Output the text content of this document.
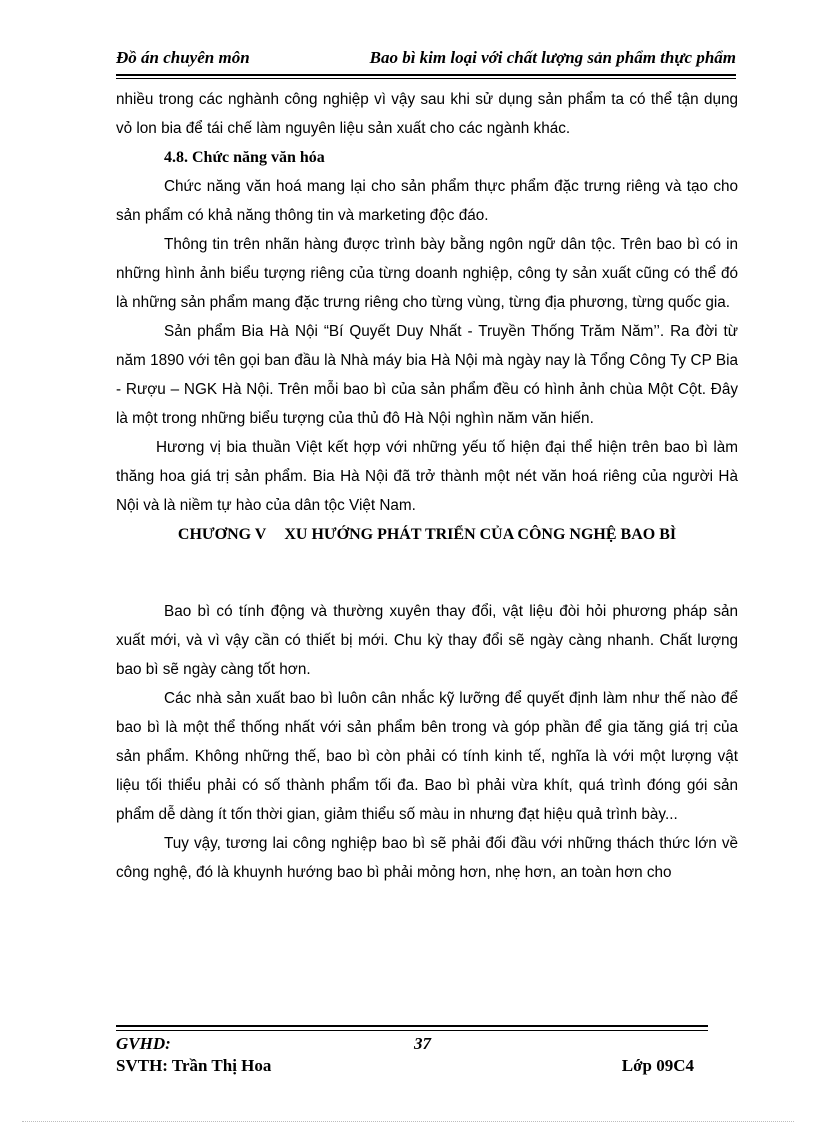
Đồ án chuyên môn	Bao bì kim loại với chất lượng sản phẩm thực phẩm

nhiều trong các nghành công nghiệp vì vậy sau khi sử dụng sản phẩm ta có thể tận dụng vỏ lon bia để tái chế làm nguyên liệu sản xuất cho các ngành khác.

4.8. Chức năng văn hóa

Chức năng văn hoá mang lại cho sản phẩm thực phẩm đặc trưng riêng và tạo cho sản phẩm có khả năng thông tin và marketing độc đáo.

Thông tin trên nhãn hàng được trình bày bằng ngôn ngữ dân tộc. Trên bao bì có in những hình ảnh biểu tượng riêng của từng doanh nghiệp, công ty sản xuất cũng có thể đó là những sản phẩm mang đặc trưng riêng cho từng vùng, từng địa phương, từng quốc gia.

Sản phẩm Bia Hà Nội “Bí Quyết Duy Nhất - Truyền Thống Trăm Năm’’. Ra đời từ năm 1890 với tên gọi ban đầu là Nhà máy bia Hà Nội mà ngày nay là Tổng Công Ty CP Bia - Rượu – NGK Hà Nội. Trên mỗi bao bì của sản phẩm đều có hình ảnh chùa Một Cột. Đây là một trong những biểu tượng của thủ đô Hà Nội nghìn năm văn hiến.

Hương vị bia thuần Việt kết hợp với những yếu tố hiện đại thể hiện trên bao bì làm thăng hoa giá trị sản phẩm. Bia Hà Nội đã trở thành một nét văn hoá riêng của người Hà Nội và là niềm tự hào của dân tộc Việt Nam.

CHƯƠNG V XU HƯỚNG PHÁT TRIỂN CỦA CÔNG NGHỆ BAO BÌ

Bao bì có tính động và thường xuyên thay đổi, vật liệu đòi hỏi phương pháp sản xuất mới, và vì vậy cần có thiết bị mới. Chu kỳ thay đổi sẽ ngày càng nhanh. Chất lượng bao bì sẽ ngày càng tốt hơn.

Các nhà sản xuất bao bì luôn cân nhắc kỹ lưỡng để quyết định làm như thế nào để bao bì là một thể thống nhất với sản phẩm bên trong và góp phần để gia tăng giá trị của sản phẩm. Không những thế, bao bì còn phải có tính kinh tế, nghĩa là với một lượng vật liệu tối thiểu phải có số thành phẩm tối đa. Bao bì phải vừa khít, quá trình đóng gói sản phẩm dễ dàng ít tốn thời gian, giảm thiểu số màu in nhưng đạt hiệu quả trình bày...

Tuy vậy, tương lai công nghiệp bao bì sẽ phải đối đầu với những thách thức lớn về công nghệ, đó là khuynh hướng bao bì phải mỏng hơn, nhẹ hơn, an toàn hơn cho

GVHD:	37
SVTH: Trần Thị Hoa	Lớp 09C4
